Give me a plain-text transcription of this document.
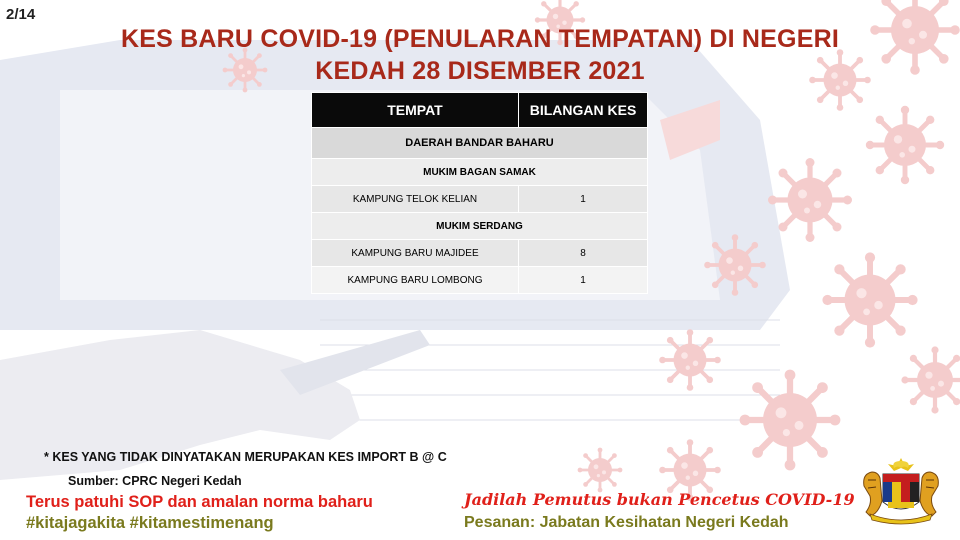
2/14
KES BARU COVID-19 (PENULARAN TEMPATAN) DI NEGERI
KEDAH 28 DISEMBER 2021
TEMPAT	BILANGAN KES
DAERAH BANDAR BAHARU	
MUKIM BAGAN SAMAK	
KAMPUNG TELOK KELIAN	1
MUKIM SERDANG	
KAMPUNG BARU MAJIDEE	8
KAMPUNG BARU LOMBONG	1
* KES YANG TIDAK DINYATAKAN MERUPAKAN KES IMPORT B @ C
Sumber: CPRC Negeri Kedah
Terus patuhi SOP dan amalan norma baharu
#kitajagakita #kitamestimenang
Jadilah Pemutus bukan Pencetus COVID-19
Pesanan: Jabatan Kesihatan Negeri Kedah
